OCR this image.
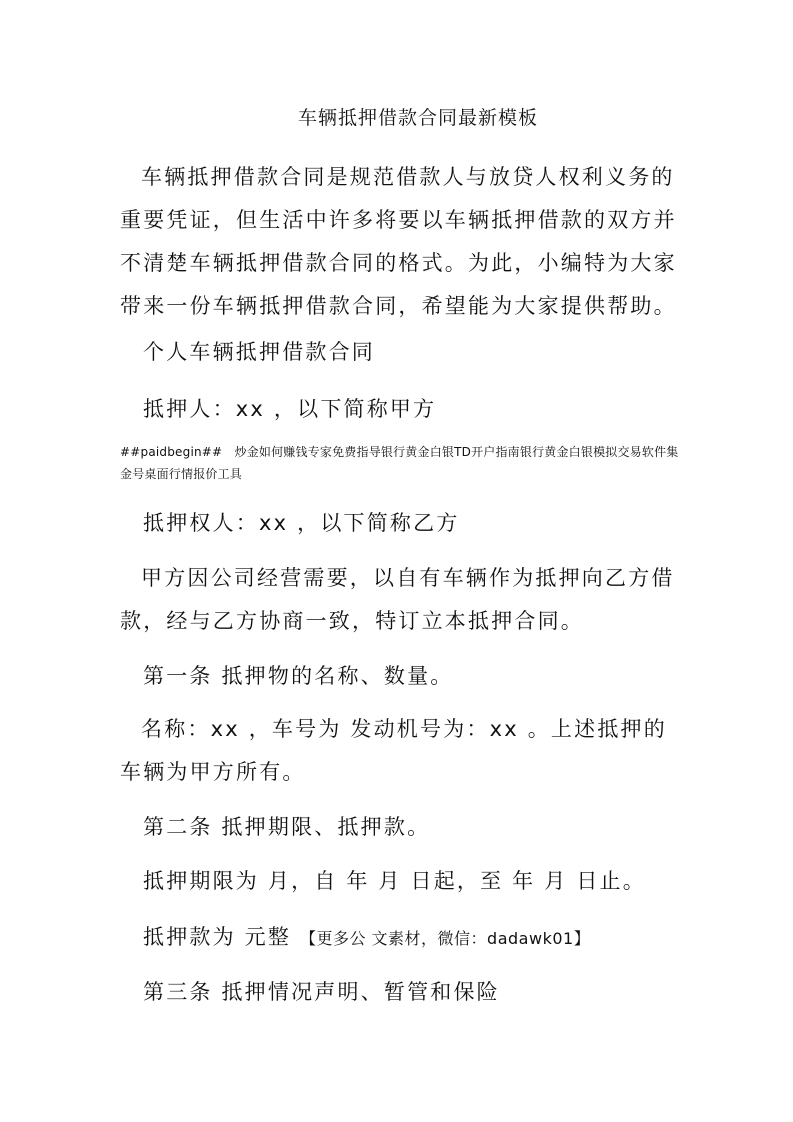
车辆抵押借款合同最新模板
车辆抵押借款合同是规范借款人与放贷人权利义务的重要凭证，但生活中许多将要以车辆抵押借款的双方并不清楚车辆抵押借款合同的格式。为此，小编特为大家带来一份车辆抵押借款合同，希望能为大家提供帮助。
个人车辆抵押借款合同
抵押人：xx ，以下简称甲方
##paidbegin##　炒金如何赚钱专家免费指导银行黄金白银TD开户指南银行黄金白银模拟交易软件集金号桌面行情报价工具
抵押权人：xx ，以下简称乙方
甲方因公司经营需要，以自有车辆作为抵押向乙方借款，经与乙方协商一致，特订立本抵押合同。
第一条 抵押物的名称、数量。
名称：xx ，车号为 发动机号为：xx 。上述抵押的车辆为甲方所有。
第二条 抵押期限、抵押款。
抵押期限为 月，自 年 月 日起，至 年 月 日止。
抵押款为 元整 【更多公 文素材，微信：dadawk01】
第三条 抵押情况声明、暂管和保险
